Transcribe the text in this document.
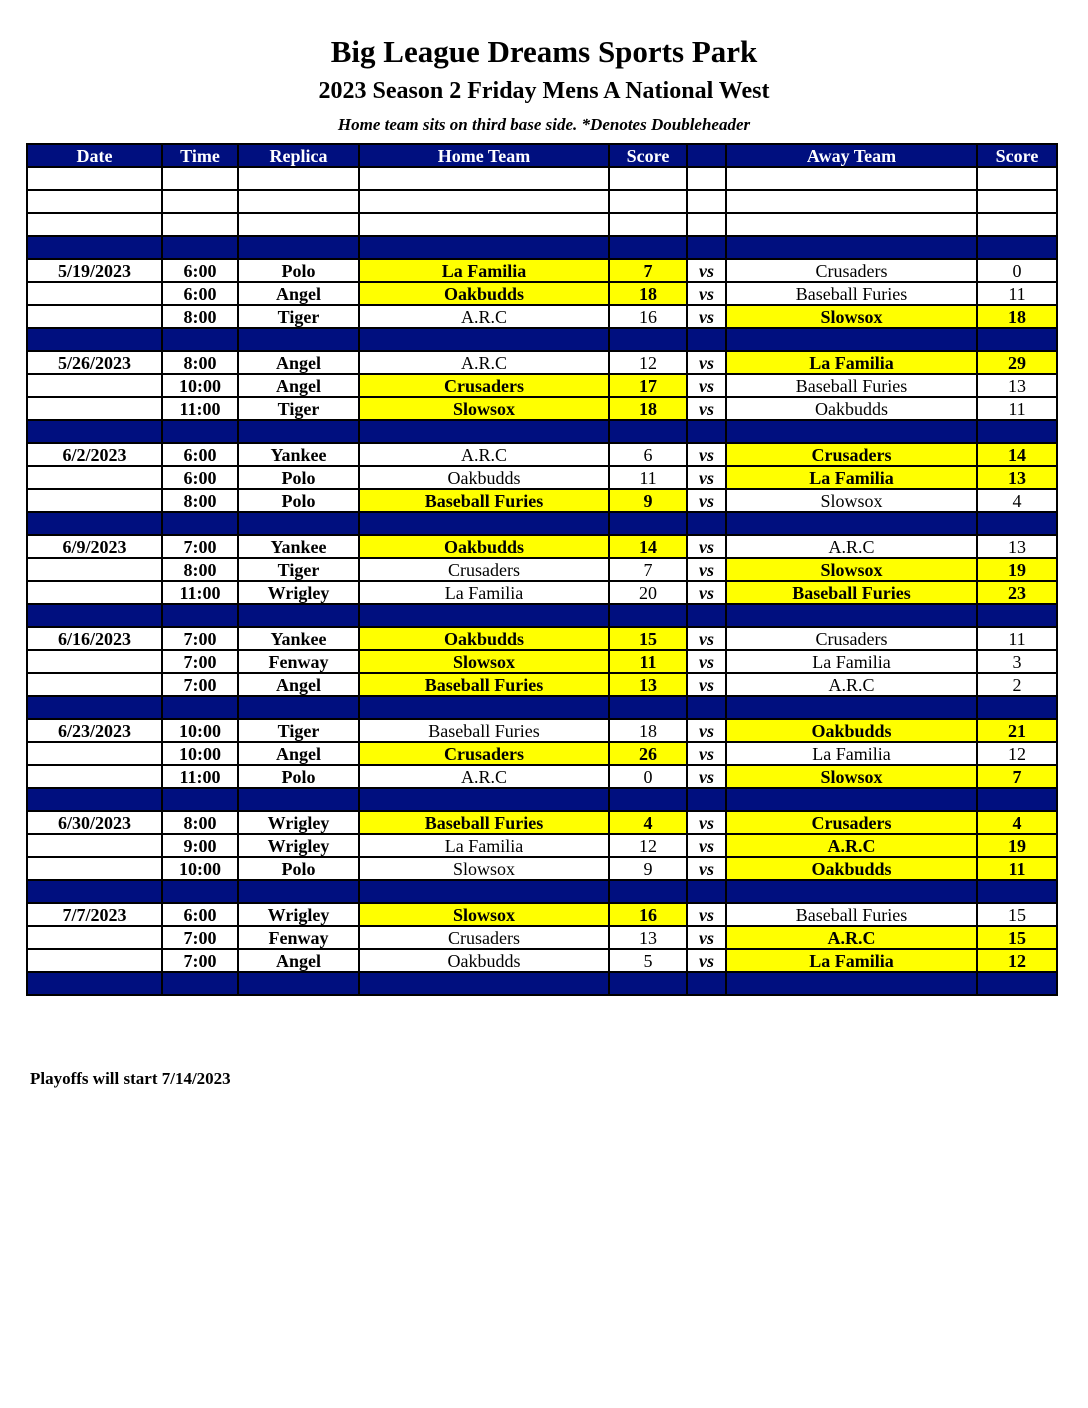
Big League Dreams Sports Park
2023 Season 2 Friday Mens A National West
Home team sits on third base side. *Denotes Doubleheader
Date	Time	Replica	Home Team	Score		Away Team	Score

5/19/2023	6:00	Polo	La Familia	7	vs	Crusaders	0
	6:00	Angel	Oakbudds	18	vs	Baseball Furies	11
	8:00	Tiger	A.R.C	16	vs	Slowsox	18

5/26/2023	8:00	Angel	A.R.C	12	vs	La Familia	29
	10:00	Angel	Crusaders	17	vs	Baseball Furies	13
	11:00	Tiger	Slowsox	18	vs	Oakbudds	11

6/2/2023	6:00	Yankee	A.R.C	6	vs	Crusaders	14
	6:00	Polo	Oakbudds	11	vs	La Familia	13
	8:00	Polo	Baseball Furies	9	vs	Slowsox	4

6/9/2023	7:00	Yankee	Oakbudds	14	vs	A.R.C	13
	8:00	Tiger	Crusaders	7	vs	Slowsox	19
	11:00	Wrigley	La Familia	20	vs	Baseball Furies	23

6/16/2023	7:00	Yankee	Oakbudds	15	vs	Crusaders	11
	7:00	Fenway	Slowsox	11	vs	La Familia	3
	7:00	Angel	Baseball Furies	13	vs	A.R.C	2

6/23/2023	10:00	Tiger	Baseball Furies	18	vs	Oakbudds	21
	10:00	Angel	Crusaders	26	vs	La Familia	12
	11:00	Polo	A.R.C	0	vs	Slowsox	7

6/30/2023	8:00	Wrigley	Baseball Furies	4	vs	Crusaders	4
	9:00	Wrigley	La Familia	12	vs	A.R.C	19
	10:00	Polo	Slowsox	9	vs	Oakbudds	11

7/7/2023	6:00	Wrigley	Slowsox	16	vs	Baseball Furies	15
	7:00	Fenway	Crusaders	13	vs	A.R.C	15
	7:00	Angel	Oakbudds	5	vs	La Familia	12

Playoffs will start 7/14/2023
